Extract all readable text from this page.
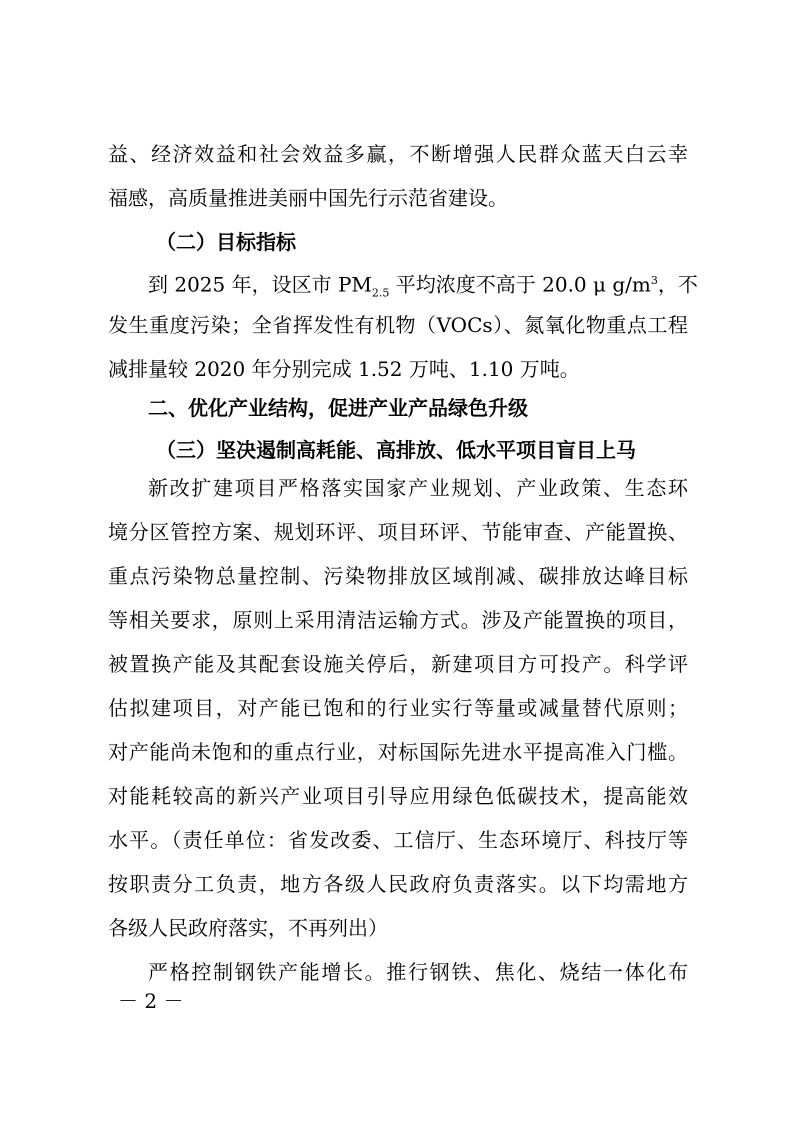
益、经济效益和社会效益多赢，不断增强人民群众蓝天白云幸
福感，高质量推进美丽中国先行示范省建设。
（二）目标指标
到 2025 年，设区市 $PM_{2.5}$ 平均浓度不高于 20.0 μ $g/m^3$，不
发生重度污染；全省挥发性有机物（VOCs）、氮氧化物重点工程
减排量较 2020 年分别完成 1.52 万吨、1.10 万吨。
二、优化产业结构，促进产业产品绿色升级
（三）坚决遏制高耗能、高排放、低水平项目盲目上马
新改扩建项目严格落实国家产业规划、产业政策、生态环
境分区管控方案、规划环评、项目环评、节能审查、产能置换、
重点污染物总量控制、污染物排放区域削减、碳排放达峰目标
等相关要求，原则上采用清洁运输方式。涉及产能置换的项目，
被置换产能及其配套设施关停后，新建项目方可投产。科学评
估拟建项目，对产能已饱和的行业实行等量或减量替代原则；
对产能尚未饱和的重点行业，对标国际先进水平提高准入门槛。
对能耗较高的新兴产业项目引导应用绿色低碳技术，提高能效
水平。（责任单位：省发改委、工信厅、生态环境厅、科技厅等
按职责分工负责，地方各级人民政府负责落实。以下均需地方
各级人民政府落实，不再列出）
严格控制钢铁产能增长。推行钢铁、焦化、烧结一体化布
－ 2 －
